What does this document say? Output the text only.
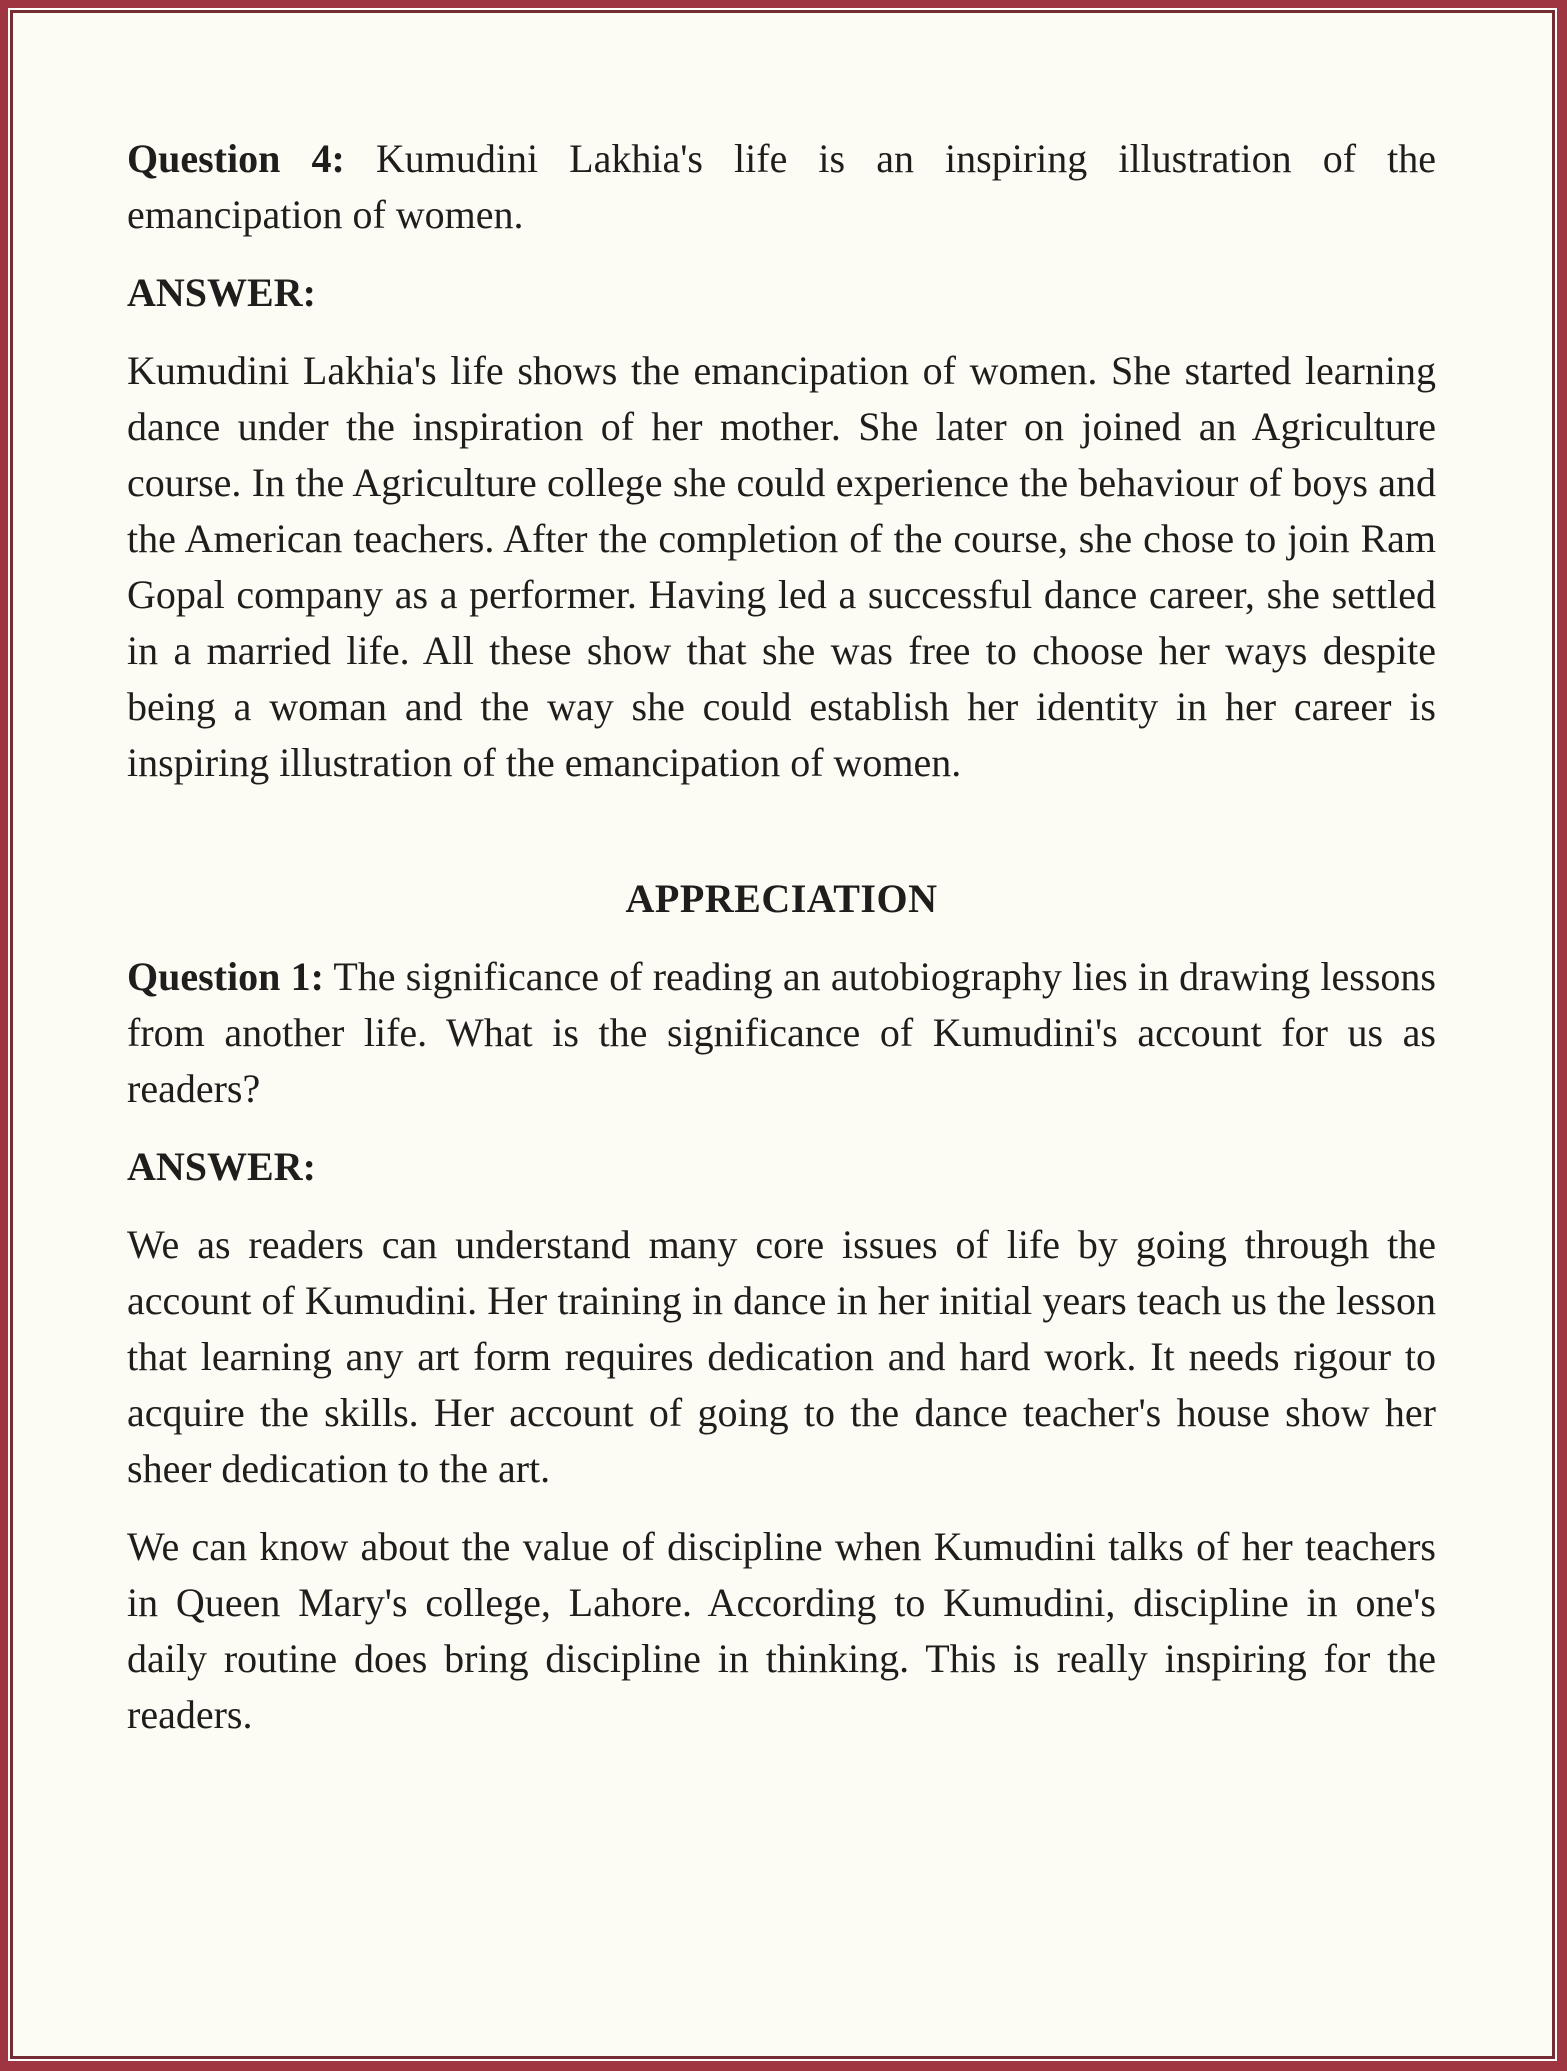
Question 4: Kumudini Lakhia's life is an inspiring illustration of the emancipation of women.

ANSWER:

Kumudini Lakhia's life shows the emancipation of women. She started learning dance under the inspiration of her mother. She later on joined an Agriculture course. In the Agriculture college she could experience the behaviour of boys and the American teachers. After the completion of the course, she chose to join Ram Gopal company as a performer. Having led a successful dance career, she settled in a married life. All these show that she was free to choose her ways despite being a woman and the way she could establish her identity in her career is inspiring illustration of the emancipation of women.

APPRECIATION

Question 1: The significance of reading an autobiography lies in drawing lessons from another life. What is the significance of Kumudini's account for us as readers?

ANSWER:

We as readers can understand many core issues of life by going through the account of Kumudini. Her training in dance in her initial years teach us the lesson that learning any art form requires dedication and hard work. It needs rigour to acquire the skills. Her account of going to the dance teacher's house show her sheer dedication to the art.

We can know about the value of discipline when Kumudini talks of her teachers in Queen Mary's college, Lahore. According to Kumudini, discipline in one's daily routine does bring discipline in thinking. This is really inspiring for the readers.
